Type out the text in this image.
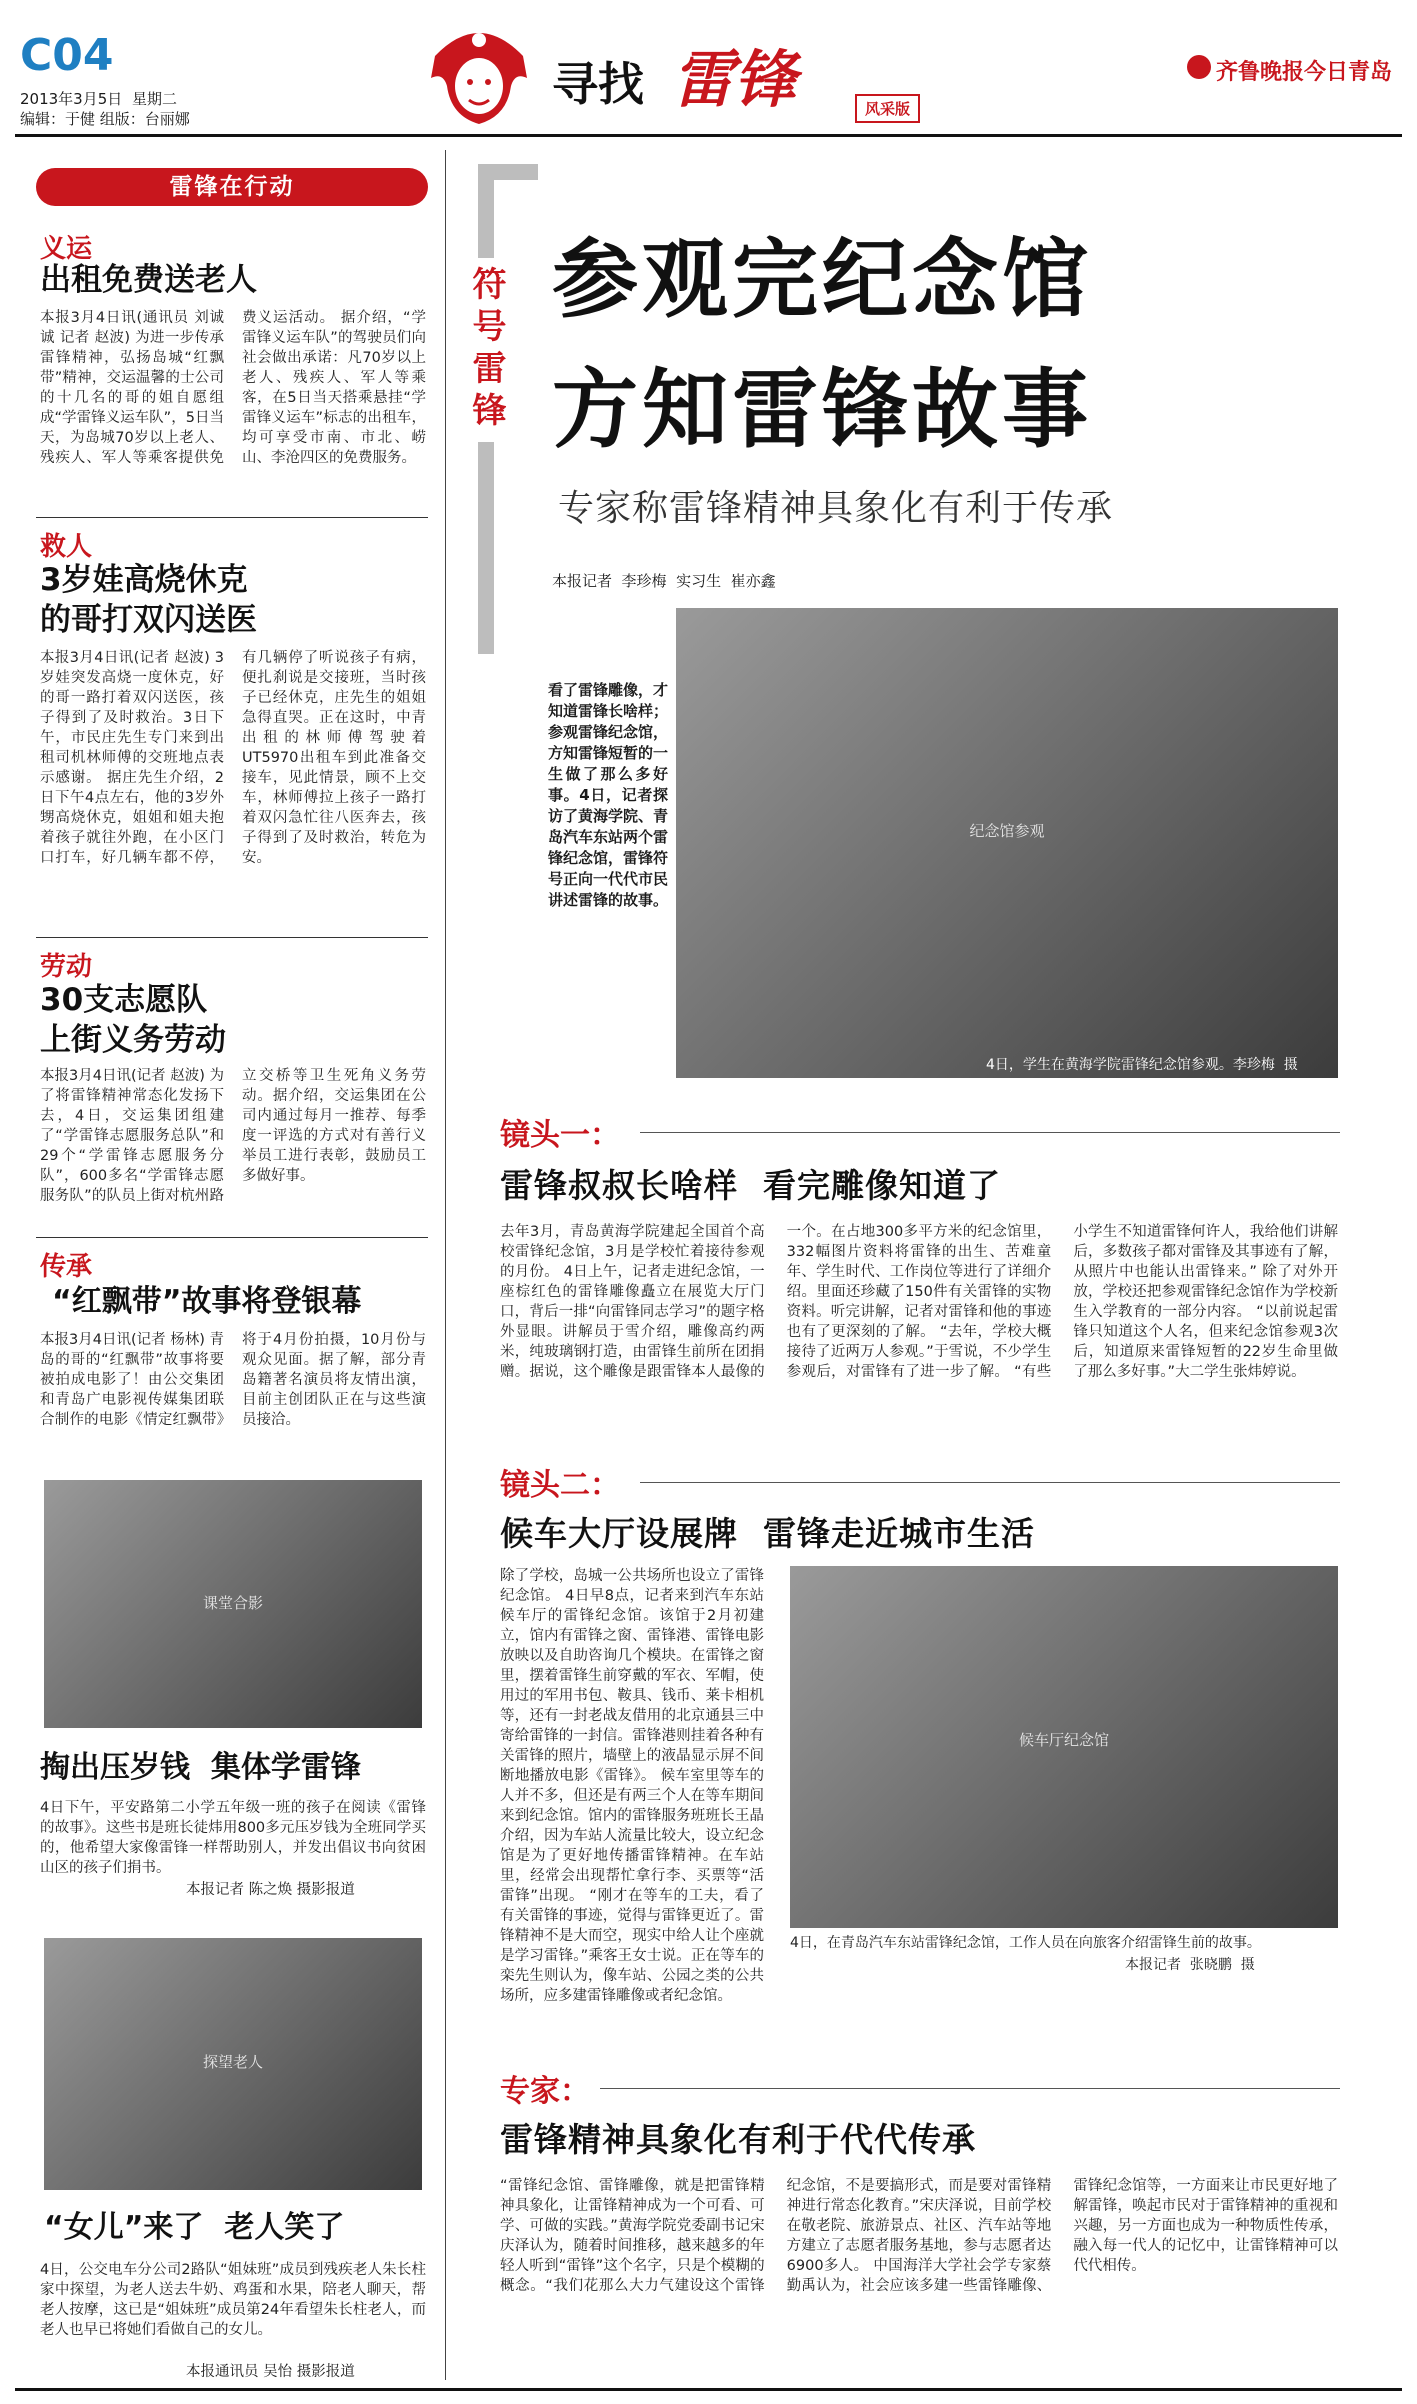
C04
2013年3月5日 星期二
编辑：于健 组版：台丽娜
寻找 雷锋	风采版
齐鲁晚报今日青岛
雷锋在行动
义运
出租免费送老人
本报3月4日讯(通讯员 刘诚诚 记者 赵波) 为进一步传承雷锋精神，弘扬岛城“红飘带”精神，交运温馨的士公司的十几名的哥的姐自愿组成“学雷锋义运车队”，5日当天，为岛城70岁以上老人、残疾人、军人等乘客提供免费义运活动。 据介绍，“学雷锋义运车队”的驾驶员们向社会做出承诺：凡70岁以上老人、残疾人、军人等乘客，在5日当天搭乘悬挂“学雷锋义运车”标志的出租车，均可享受市南、市北、崂山、李沧四区的免费服务。
救人
3岁娃高烧休克
的哥打双闪送医
本报3月4日讯(记者 赵波) 3岁娃突发高烧一度休克，好的哥一路打着双闪送医，孩子得到了及时救治。3日下午，市民庄先生专门来到出租司机林师傅的交班地点表示感谢。 据庄先生介绍，2日下午4点左右，他的3岁外甥高烧休克，姐姐和姐夫抱着孩子就往外跑，在小区门口打车，好几辆车都不停，有几辆停了听说孩子有病，便扎刹说是交接班，当时孩子已经休克，庄先生的姐姐急得直哭。正在这时，中青出租的林师傅驾驶着UT5970出租车到此准备交接车，见此情景，顾不上交车，林师傅拉上孩子一路打着双闪急忙往八医奔去，孩子得到了及时救治，转危为安。
劳动
30支志愿队
上街义务劳动
本报3月4日讯(记者 赵波) 为了将雷锋精神常态化发扬下去，4日，交运集团组建了“学雷锋志愿服务总队”和29个“学雷锋志愿服务分队”，600多名“学雷锋志愿服务队”的队员上街对杭州路立交桥等卫生死角义务劳动。据介绍，交运集团在公司内通过每月一推荐、每季度一评选的方式对有善行义举员工进行表彰，鼓励员工多做好事。
传承
“红飘带”故事将登银幕
本报3月4日讯(记者 杨林) 青岛的哥的“红飘带”故事将要被拍成电影了！由公交集团和青岛广电影视传媒集团联合制作的电影《情定红飘带》将于4月份拍摄，10月份与观众见面。据了解，部分青岛籍著名演员将友情出演，目前主创团队正在与这些演员接洽。
课堂合影
掏出压岁钱  集体学雷锋
4日下午，平安路第二小学五年级一班的孩子在阅读《雷锋的故事》。这些书是班长徒炜用800多元压岁钱为全班同学买的，他希望大家像雷锋一样帮助别人，并发出倡议书向贫困山区的孩子们捐书。
本报记者 陈之焕 摄影报道
探望老人
“女儿”来了  老人笑了
4日，公交电车分公司2路队“姐妹班”成员到残疾老人朱长柱家中探望，为老人送去牛奶、鸡蛋和水果，陪老人聊天，帮老人按摩，这已是“姐妹班”成员第24年看望朱长柱老人，而老人也早已将她们看做自己的女儿。
本报通讯员 吴怡 摄影报道
符号雷锋 参观完纪念馆
方知雷锋故事
专家称雷锋精神具象化有利于传承
本报记者  李珍梅  实习生  崔亦鑫
看了雷锋雕像，才知道雷锋长啥样；参观雷锋纪念馆，方知雷锋短暂的一生做了那么多好事。4日，记者探访了黄海学院、青岛汽车东站两个雷锋纪念馆，雷锋符号正向一代代市民讲述雷锋的故事。
纪念馆参观
4日，学生在黄海学院雷锋纪念馆参观。李珍梅  摄
镜头一：
雷锋叔叔长啥样  看完雕像知道了
去年3月，青岛黄海学院建起全国首个高校雷锋纪念馆，3月是学校忙着接待参观的月份。 4日上午，记者走进纪念馆，一座棕红色的雷锋雕像矗立在展览大厅门口，背后一排“向雷锋同志学习”的题字格外显眼。讲解员于雪介绍，雕像高约两米，纯玻璃钢打造，由雷锋生前所在团捐赠。据说，这个雕像是跟雷锋本人最像的一个。在占地300多平方米的纪念馆里，332幅图片资料将雷锋的出生、苦难童年、学生时代、工作岗位等进行了详细介绍。里面还珍藏了150件有关雷锋的实物资料。听完讲解，记者对雷锋和他的事迹也有了更深刻的了解。 “去年，学校大概接待了近两万人参观。”于雪说，不少学生参观后，对雷锋有了进一步了解。 “有些小学生不知道雷锋何许人，我给他们讲解后，多数孩子都对雷锋及其事迹有了解，从照片中也能认出雷锋来。” 除了对外开放，学校还把参观雷锋纪念馆作为学校新生入学教育的一部分内容。 “以前说起雷锋只知道这个人名，但来纪念馆参观3次后，知道原来雷锋短暂的22岁生命里做了那么多好事。”大二学生张炜婷说。
镜头二：
候车大厅设展牌  雷锋走近城市生活
除了学校，岛城一公共场所也设立了雷锋纪念馆。 4日早8点，记者来到汽车东站候车厅的雷锋纪念馆。该馆于2月初建立，馆内有雷锋之窗、雷锋港、雷锋电影放映以及自助咨询几个模块。在雷锋之窗里，摆着雷锋生前穿戴的军衣、军帽，使用过的军用书包、鞍具、钱币、莱卡相机等，还有一封老战友借用的北京通县三中寄给雷锋的一封信。雷锋港则挂着各种有关雷锋的照片，墙壁上的液晶显示屏不间断地播放电影《雷锋》。 候车室里等车的人并不多，但还是有两三个人在等车期间来到纪念馆。馆内的雷锋服务班班长王晶介绍，因为车站人流量比较大，设立纪念馆是为了更好地传播雷锋精神。在车站里，经常会出现帮忙拿行李、买票等“活雷锋”出现。 “刚才在等车的工夫，看了有关雷锋的事迹，觉得与雷锋更近了。雷锋精神不是大而空，现实中给人让个座就是学习雷锋。”乘客王女士说。正在等车的栾先生则认为，像车站、公园之类的公共场所，应多建雷锋雕像或者纪念馆。
候车厅纪念馆
4日，在青岛汽车东站雷锋纪念馆，工作人员在向旅客介绍雷锋生前的故事。
本报记者  张晓鹏  摄
专家：
雷锋精神具象化有利于代代传承
“雷锋纪念馆、雷锋雕像，就是把雷锋精神具象化，让雷锋精神成为一个可看、可学、可做的实践。”黄海学院党委副书记宋庆泽认为，随着时间推移，越来越多的年轻人听到“雷锋”这个名字，只是个模糊的概念。“我们花那么大力气建设这个雷锋纪念馆，不是要搞形式，而是要对雷锋精神进行常态化教育。”宋庆泽说，目前学校在敬老院、旅游景点、社区、汽车站等地方建立了志愿者服务基地，参与志愿者达6900多人。 中国海洋大学社会学专家蔡勤禹认为，社会应该多建一些雷锋雕像、雷锋纪念馆等，一方面来让市民更好地了解雷锋，唤起市民对于雷锋精神的重视和兴趣，另一方面也成为一种物质性传承，融入每一代人的记忆中，让雷锋精神可以代代相传。
